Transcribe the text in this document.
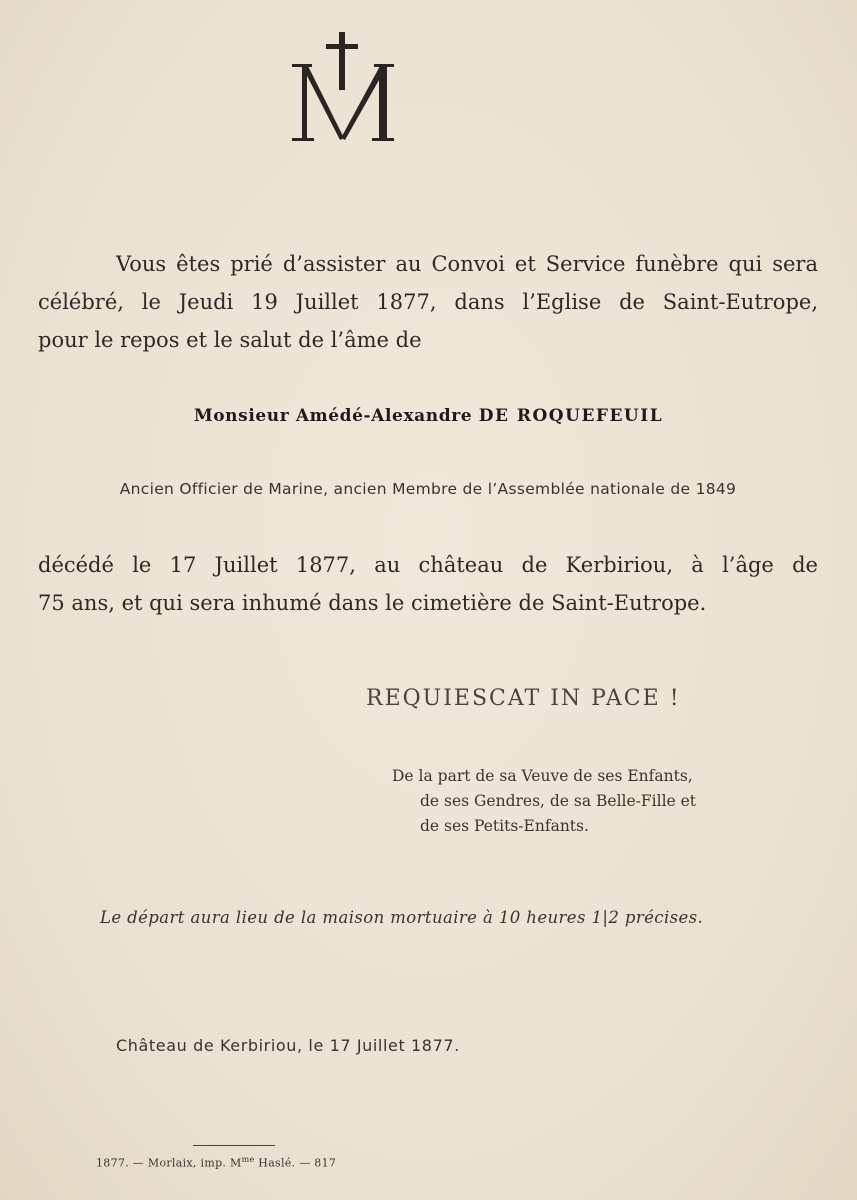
Vous êtes prié d’assister au Convoi et Service funèbre qui sera
célébré, le Jeudi 19 Juillet 1877, dans l’Eglise de Saint-Eutrope,
pour le repos et le salut de l’âme de
Monsieur Amédé-Alexandre DE ROQUEFEUIL
Ancien Officier de Marine, ancien Membre de l’Assemblée nationale de 1849
décédé le 17 Juillet 1877, au château de Kerbiriou, à l’âge de
75 ans, et qui sera inhumé dans le cimetière de Saint-Eutrope.
REQUIESCAT IN PACE !
De la part de sa Veuve de ses Enfants,
de ses Gendres, de sa Belle-Fille et
de ses Petits-Enfants.
Le départ aura lieu de la maison mortuaire à 10 heures 1|2 précises.
Château de Kerbiriou, le 17 Juillet 1877.
1877. — Morlaix, imp. $M^{me}$ Haslé. — 817
